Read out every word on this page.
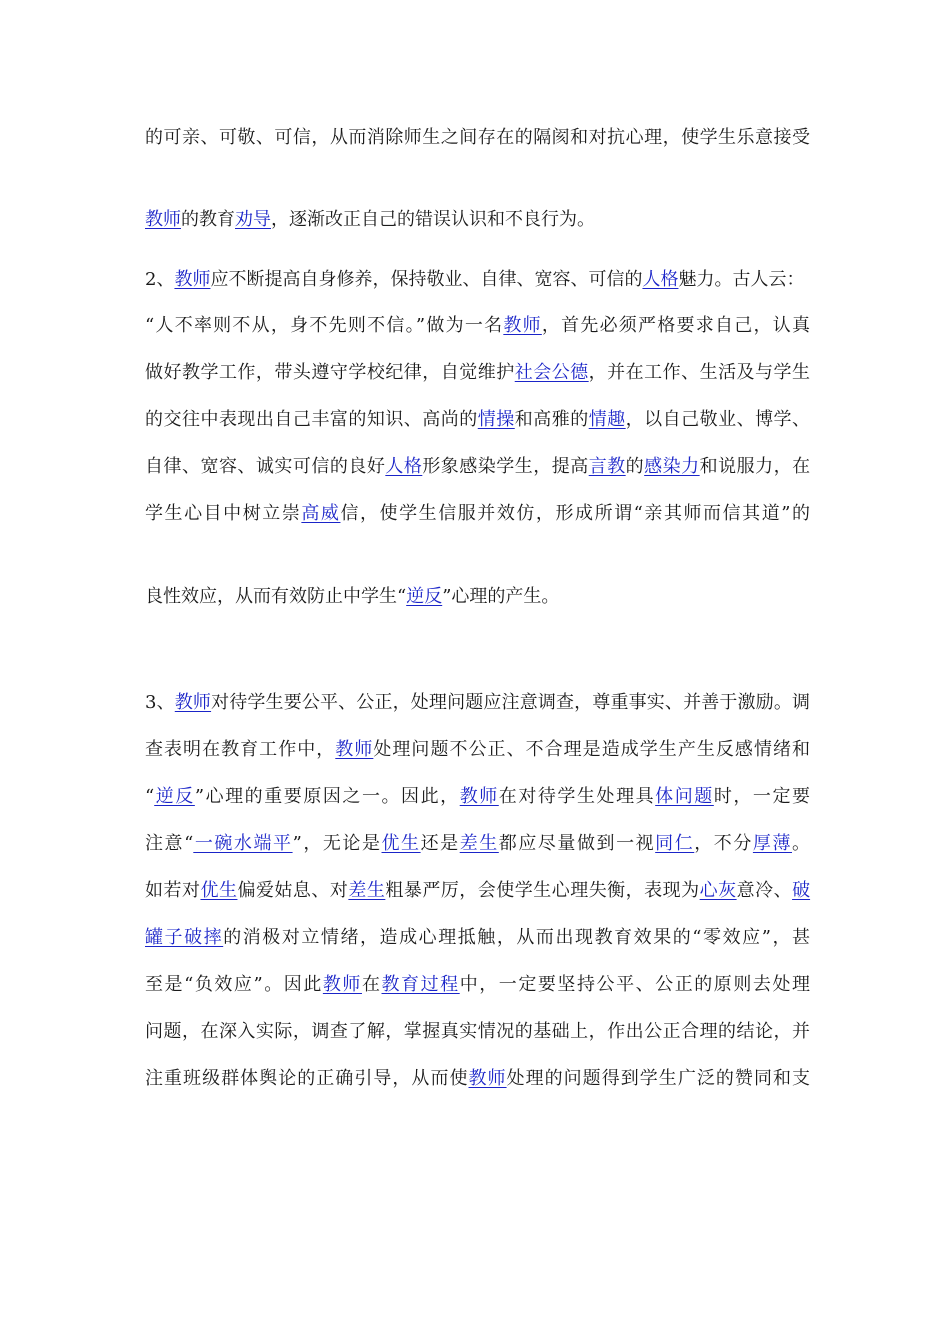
的可亲、可敬、可信，从而消除师生之间存在的隔阂和对抗心理，使学生乐意接受
教师的教育劝导，逐渐改正自己的错误认识和不良行为。
2、教师应不断提高自身修养，保持敬业、自律、宽容、可信的人格魅力。古人云：
“人不率则不从，身不先则不信。”做为一名教师，首先必须严格要求自己，认真
做好教学工作，带头遵守学校纪律，自觉维护社会公德，并在工作、生活及与学生
的交往中表现出自己丰富的知识、高尚的情操和高雅的情趣，以自己敬业、博学、
自律、宽容、诚实可信的良好人格形象感染学生，提高言教的感染力和说服力，在
学生心目中树立崇高威信，使学生信服并效仿，形成所谓“亲其师而信其道”的
良性效应，从而有效防止中学生“逆反”心理的产生。
3、教师对待学生要公平、公正，处理问题应注意调查，尊重事实、并善于激励。调
查表明在教育工作中，教师处理问题不公正、不合理是造成学生产生反感情绪和
“逆反”心理的重要原因之一。因此，教师在对待学生处理具体问题时，一定要
注意“一碗水端平”，无论是优生还是差生都应尽量做到一视同仁，不分厚薄。
如若对优生偏爱姑息、对差生粗暴严厉，会使学生心理失衡，表现为心灰意冷、破
罐子破摔的消极对立情绪，造成心理抵触，从而出现教育效果的“零效应”，甚
至是“负效应”。因此教师在教育过程中，一定要坚持公平、公正的原则去处理
问题，在深入实际，调查了解，掌握真实情况的基础上，作出公正合理的结论，并
注重班级群体舆论的正确引导，从而使教师处理的问题得到学生广泛的赞同和支
